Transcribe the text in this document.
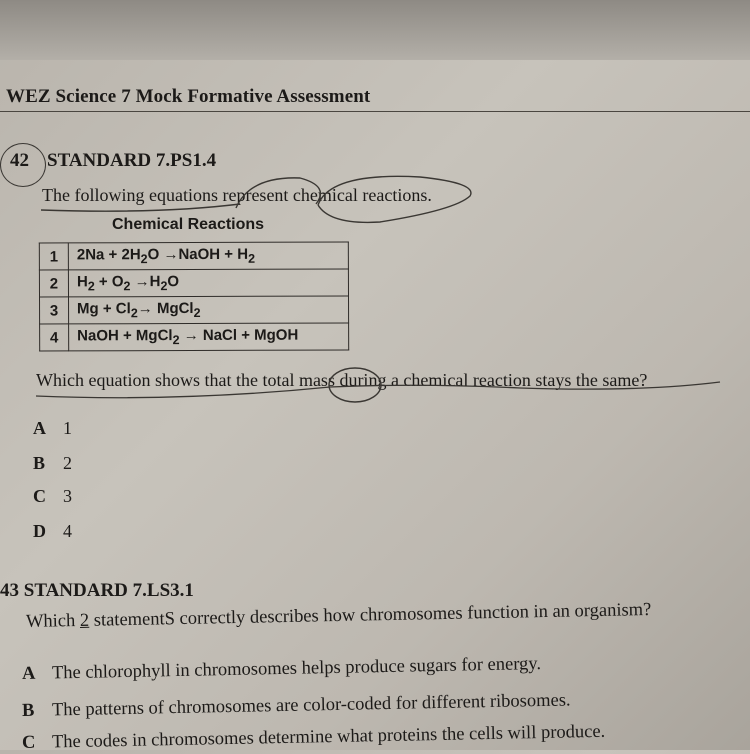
WEZ Science 7 Mock Formative Assessment
42 STANDARD 7.PS1.4
The following equations represent chemical reactions.
Chemical Reactions
1	$2Na + 2H_2O$ →NaOH + $H_2$
2	$H_2 + O_2 \to H_2O$
3	$Mg + Cl_2\to$ MgCl$_2$
4	NaOH + MgCl$_2$ → NaCl + MgOH
Which equation shows that the total mass during a chemical reaction stays the same?
A 1
B 2
C 3
D 4
43 STANDARD 7.LS3.1
Which 2 statementS correctly describes how chromosomes function in an organism?
A The chlorophyll in chromosomes helps produce sugars for energy.
B The patterns of chromosomes are color-coded for different ribosomes.
C The codes in chromosomes determine what proteins the cells will produce.
